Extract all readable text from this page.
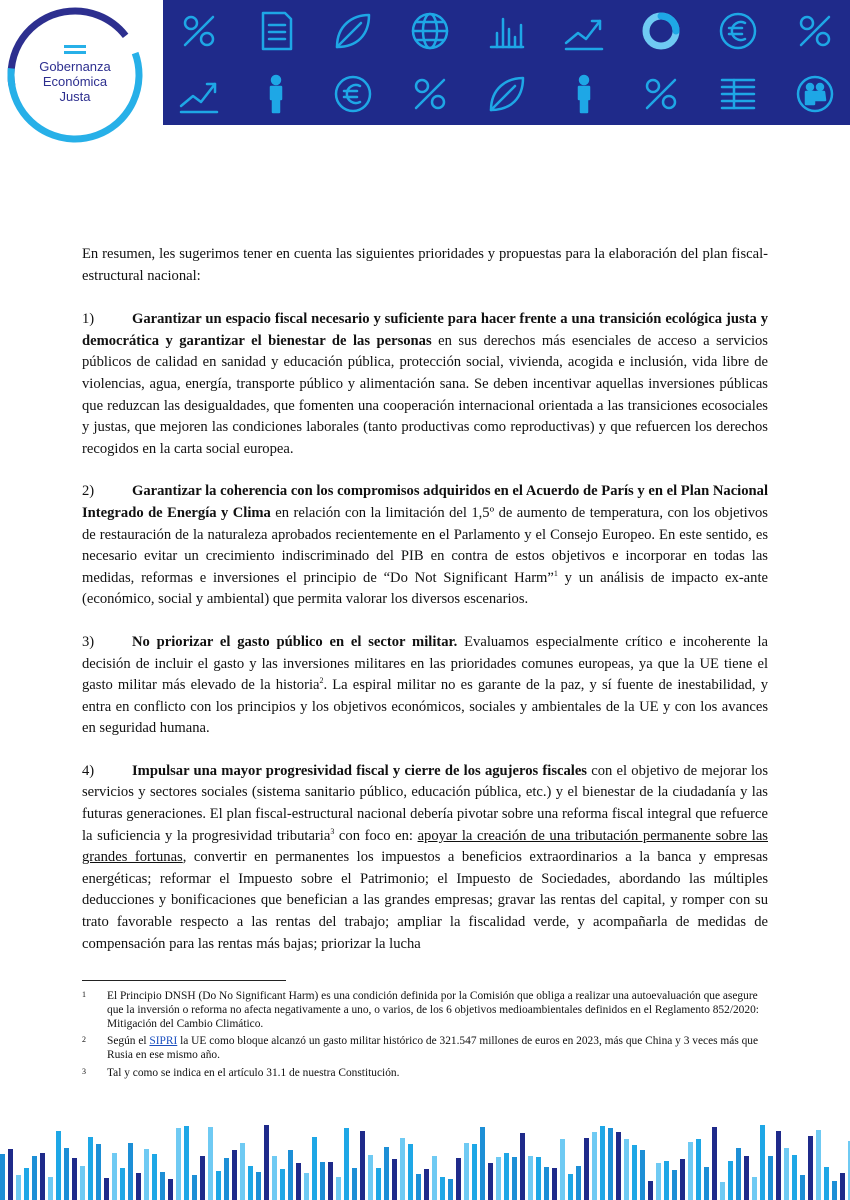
Gobernanza
Económica
Justa

En resumen, les sugerimos tener en cuenta las siguientes prioridades y propuestas para la elaboración del plan fiscal-estructural nacional:

1)	Garantizar un espacio fiscal necesario y suficiente para hacer frente a una transición ecológica justa y democrática y garantizar el bienestar de las personas en sus derechos más esenciales de acceso a servicios públicos de calidad en sanidad y educación pública, protección social, vivienda, acogida e inclusión, vida libre de violencias, agua, energía, transporte público y alimentación sana. Se deben incentivar aquellas inversiones públicas que reduzcan las desigualdades, que fomenten una cooperación internacional orientada a las transiciones ecosociales y justas, que mejoren las condiciones laborales (tanto productivas como reproductivas) y que refuercen los derechos recogidos en la carta social europea.

2)	Garantizar la coherencia con los compromisos adquiridos en el Acuerdo de París y en el Plan Nacional Integrado de Energía y Clima en relación con la limitación del 1,5º de aumento de temperatura, con los objetivos de restauración de la naturaleza aprobados recientemente en el Parlamento y el Consejo Europeo. En este sentido, es necesario evitar un crecimiento indiscriminado del PIB en contra de estos objetivos e incorporar en todas las medidas, reformas e inversiones el principio de “Do Not Significant Harm”$^1$ y un análisis de impacto ex-ante (económico, social y ambiental) que permita valorar los diversos escenarios.

3)	No priorizar el gasto público en el sector militar. Evaluamos especialmente crítico e incoherente la decisión de incluir el gasto y las inversiones militares en las prioridades comunes europeas, ya que la UE tiene el gasto militar más elevado de la historia$^2$. La espiral militar no es garante de la paz, y sí fuente de inestabilidad, y entra en conflicto con los principios y los objetivos económicos, sociales y ambientales de la UE y con los avances en seguridad humana.

4)	Impulsar una mayor progresividad fiscal y cierre de los agujeros fiscales con el objetivo de mejorar los servicios y sectores sociales (sistema sanitario público, educación pública, etc.) y el bienestar de la ciudadanía y las futuras generaciones. El plan fiscal-estructural nacional debería pivotar sobre una reforma fiscal integral que refuerce la suficiencia y la progresividad tributaria$^3$ con foco en: apoyar la creación de una tributación permanente sobre las grandes fortunas, convertir en permanentes los impuestos a beneficios extraordinarios a la banca y empresas energéticas; reformar el Impuesto sobre el Patrimonio; el Impuesto de Sociedades, abordando las múltiples deducciones y bonificaciones que benefician a las grandes empresas; gravar las rentas del capital, y romper con su trato favorable respecto a las rentas del trabajo; ampliar la fiscalidad verde, y acompañarla de medidas de compensación para las rentas más bajas; priorizar la lucha

1 El Principio DNSH (Do No Significant Harm) es una condición definida por la Comisión que obliga a realizar una autoevaluación que asegure que la inversión o reforma no afecta negativamente a uno, o varios, de los 6 objetivos medioambientales definidos en el Reglamento 852/2020: Mitigación del Cambio Climático.
2 Según el SIPRI la UE como bloque alcanzó un gasto militar histórico de 321.547 millones de euros en 2023, más que China y 3 veces más que Rusia en ese mismo año.
3 Tal y como se indica en el artículo 31.1 de nuestra Constitución.
